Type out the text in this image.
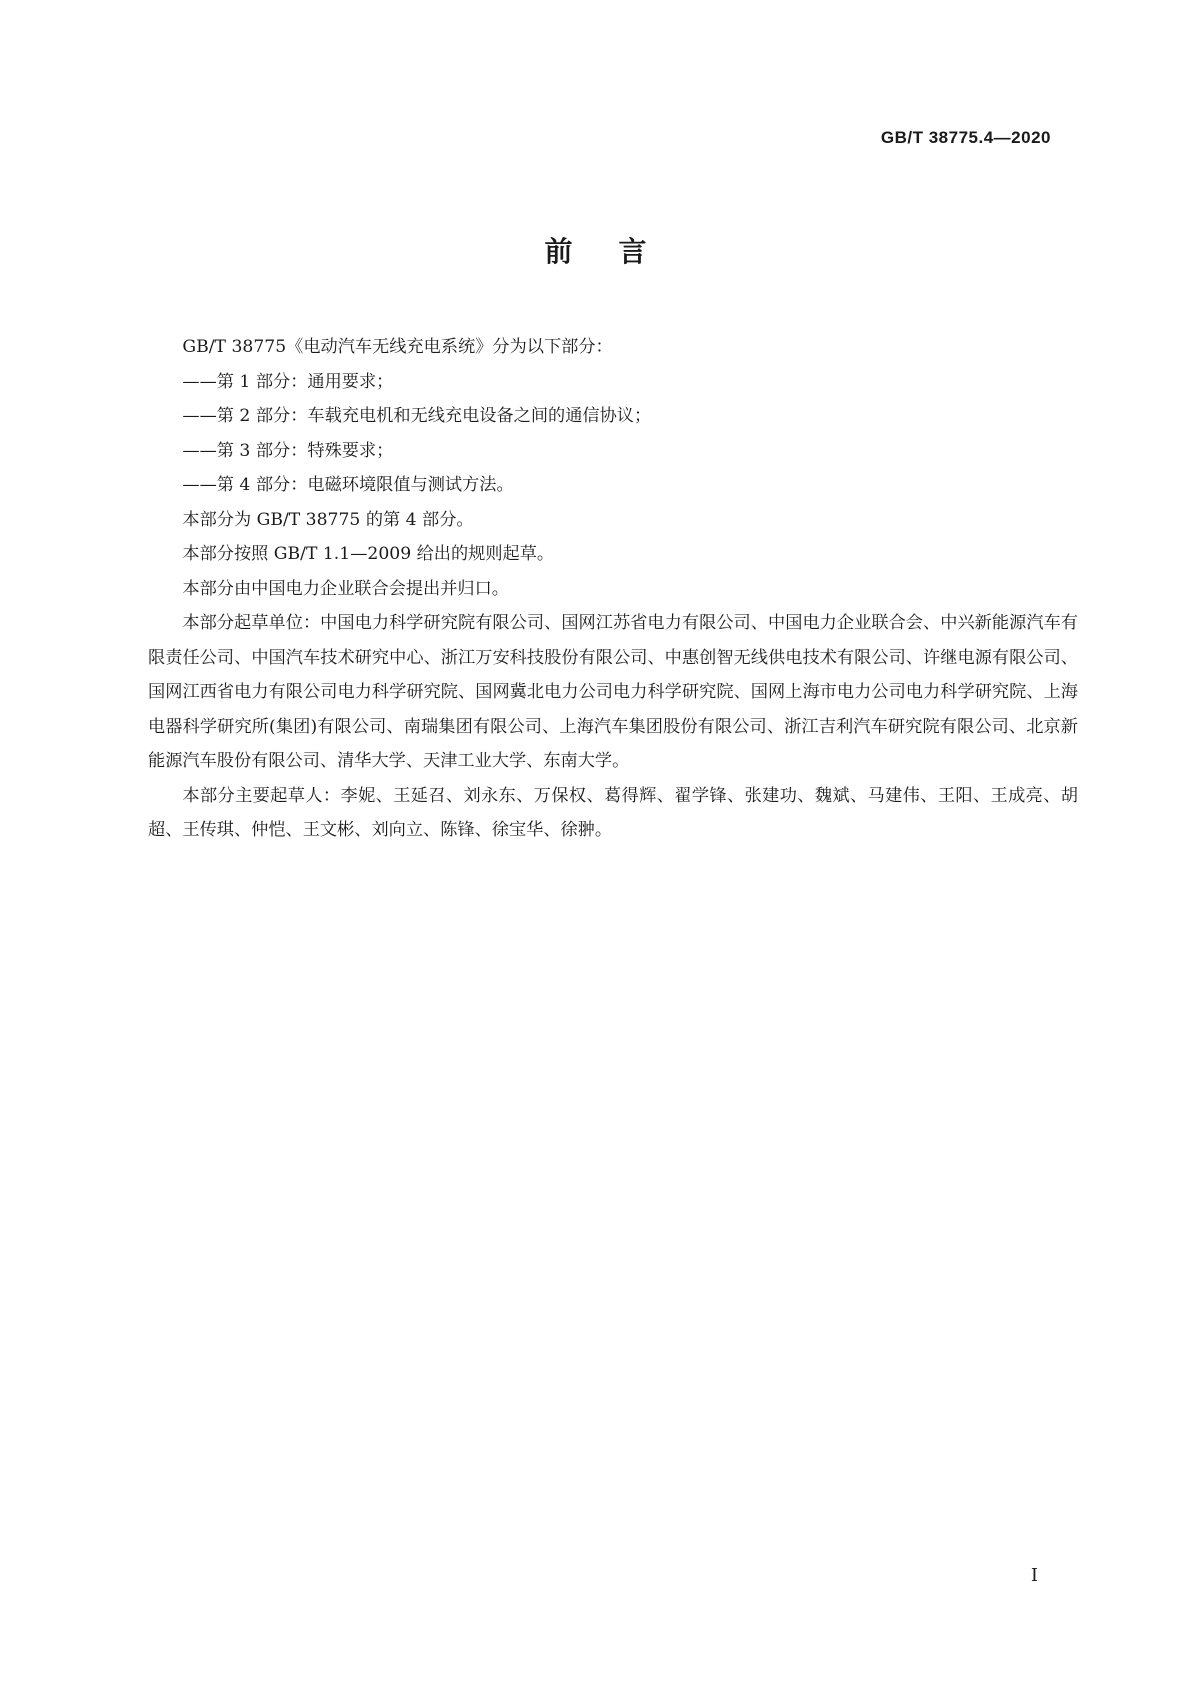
GB/T 38775.4—2020
前言

GB/T 38775《电动汽车无线充电系统》分为以下部分：

——第 1 部分：通用要求；

——第 2 部分：车载充电机和无线充电设备之间的通信协议；

——第 3 部分：特殊要求；

——第 4 部分：电磁环境限值与测试方法。

本部分为 GB/T 38775 的第 4 部分。

本部分按照 GB/T 1.1—2009 给出的规则起草。

本部分由中国电力企业联合会提出并归口。

本部分起草单位：中国电力科学研究院有限公司、国网江苏省电力有限公司、中国电力企业联合会、中兴新能源汽车有限责任公司、中国汽车技术研究中心、浙江万安科技股份有限公司、中惠创智无线供电技术有限公司、许继电源有限公司、国网江西省电力有限公司电力科学研究院、国网冀北电力公司电力科学研究院、国网上海市电力公司电力科学研究院、上海电器科学研究所(集团)有限公司、南瑞集团有限公司、上海汽车集团股份有限公司、浙江吉利汽车研究院有限公司、北京新能源汽车股份有限公司、清华大学、天津工业大学、东南大学。

本部分主要起草人：李妮、王延召、刘永东、万保权、葛得辉、翟学锋、张建功、魏斌、马建伟、王阳、王成亮、胡超、王传琪、仲恺、王文彬、刘向立、陈锋、徐宝华、徐翀。

I
